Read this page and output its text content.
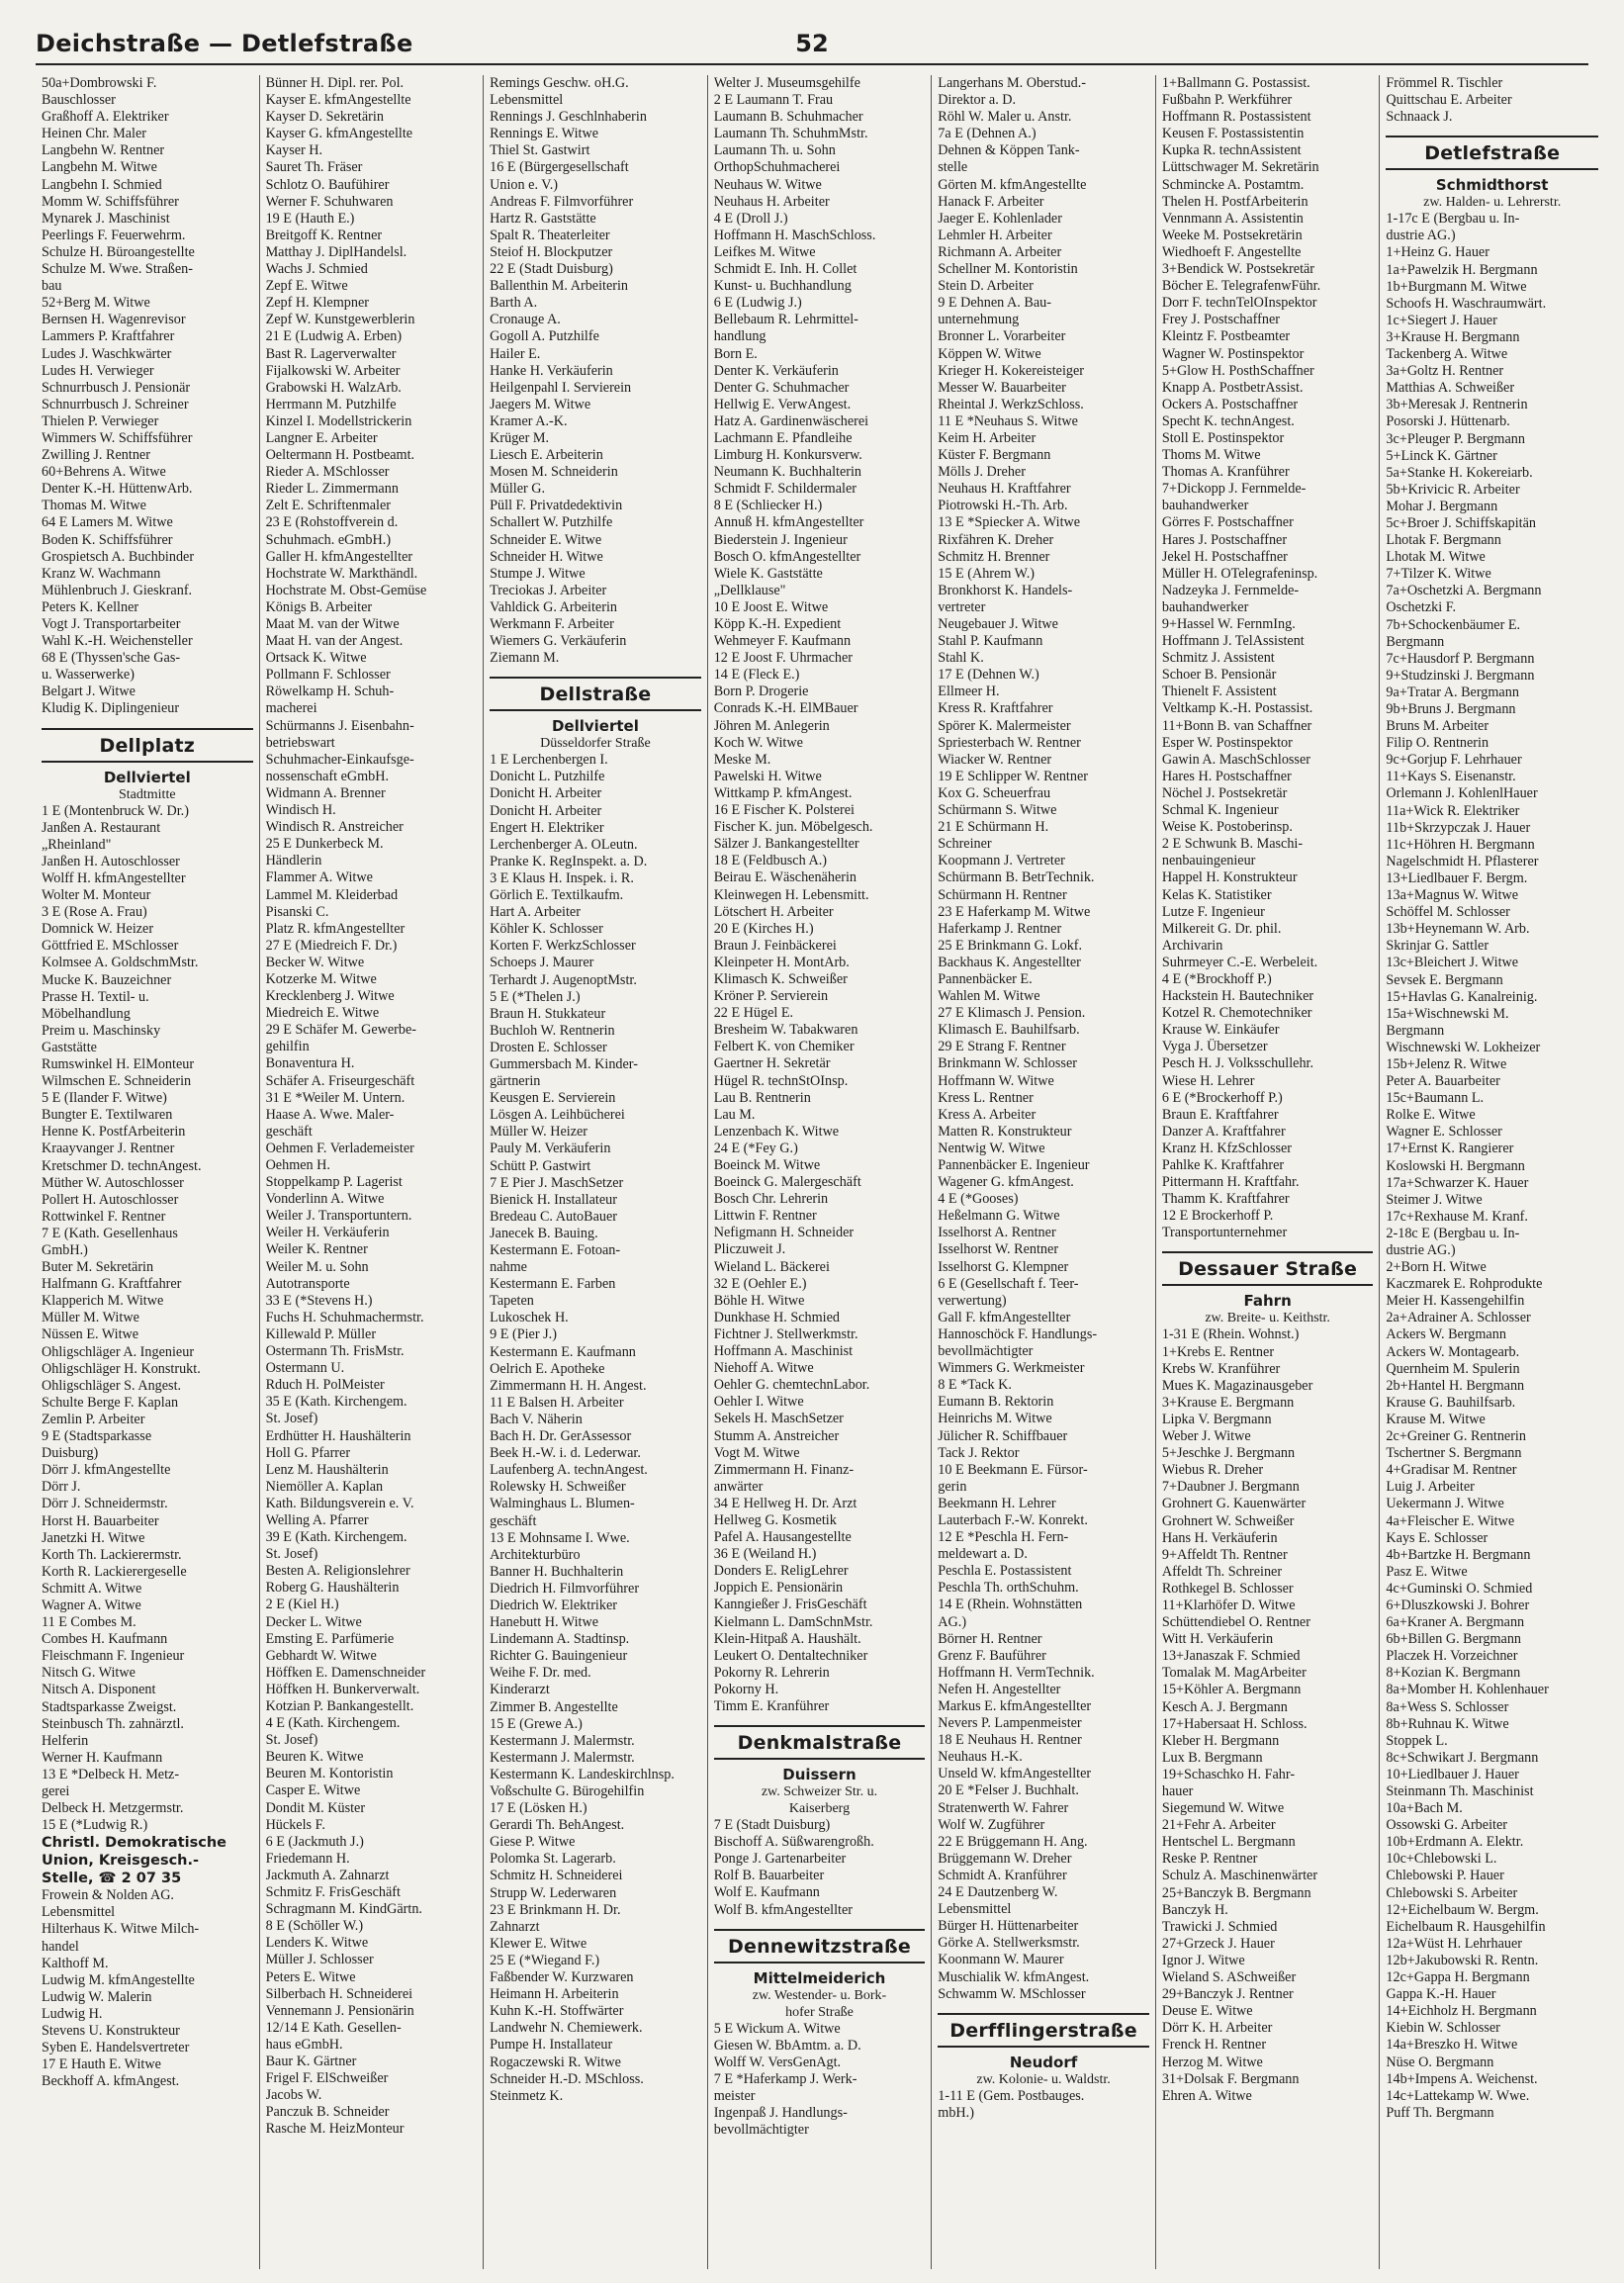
Deichstraße — Detlefstraße	52
50a+Dombrowski F.
Bauschlosser
Graßhoff A. Elektriker
Heinen Chr. Maler
Langbehn W. Rentner
Langbehn M. Witwe
Langbehn I. Schmied
Momm W. Schiffsführer
Mynarek J. Maschinist
Peerlings F. Feuerwehrm.
Schulze H. Büroangestellte
Schulze M. Wwe. Straßen-
bau
52+Berg M. Witwe
Bernsen H. Wagenrevisor
Lammers P. Kraftfahrer
Ludes J. Waschkwärter
Ludes H. Verwieger
Schnurrbusch J. Pensionär
Schnurrbusch J. Schreiner
Thielen P. Verwieger
Wimmers W. Schiffsführer
Zwilling J. Rentner
60+Behrens A. Witwe
Denter K.-H. HüttenwArb.
Thomas M. Witwe
64 E Lamers M. Witwe
Boden K. Schiffsführer
Grospietsch A. Buchbinder
Kranz W. Wachmann
Mühlenbruch J. Gieskranf.
Peters K. Kellner
Vogt J. Transportarbeiter
Wahl K.-H. Weichensteller
68 E (Thyssen'sche Gas-
u. Wasserwerke)
Belgart J. Witwe
Kludig K. Diplingenieur
Dellplatz
Dellviertel
Stadtmitte
1 E (Montenbruck W. Dr.)
Janßen A. Restaurant
„Rheinland"
Janßen H. Autoschlosser
Wolff H. kfmAngestellter
Wolter M. Monteur
3 E (Rose A. Frau)
Domnick W. Heizer
Göttfried E. MSchlosser
Kolmsee A. GoldschmMstr.
Mucke K. Bauzeichner
Prasse H. Textil- u.
Möbelhandlung
Preim u. Maschinsky
Gaststätte
Rumswinkel H. ElMonteur
Wilmschen E. Schneiderin
5 E (Ilander F. Witwe)
Bungter E. Textilwaren
Henne K. PostfArbeiterin
Kraayvanger J. Rentner
Kretschmer D. technAngest.
Müther W. Autoschlosser
Pollert H. Autoschlosser
Rottwinkel F. Rentner
7 E (Kath. Gesellenhaus
GmbH.)
Buter M. Sekretärin
Halfmann G. Kraftfahrer
Klapperich M. Witwe
Müller M. Witwe
Nüssen E. Witwe
Ohligschläger A. Ingenieur
Ohligschläger H. Konstrukt.
Ohligschläger S. Angest.
Schulte Berge F. Kaplan
Zemlin P. Arbeiter
9 E (Stadtsparkasse
Duisburg)
Dörr J. kfmAngestellte
Dörr J.
Dörr J. Schneidermstr.
Horst H. Bauarbeiter
Janetzki H. Witwe
Korth Th. Lackierermstr.
Korth R. Lackierergeselle
Schmitt A. Witwe
Wagner A. Witwe
11 E Combes M.
Combes H. Kaufmann
Fleischmann F. Ingenieur
Nitsch G. Witwe
Nitsch A. Disponent
Stadtsparkasse Zweigst.
Steinbusch Th. zahnärztl.
Helferin
Werner H. Kaufmann
13 E *Delbeck H. Metz-
gerei
Delbeck H. Metzgermstr.
15 E (*Ludwig R.)
Christl. Demokratische
Union, Kreisgesch.-
Stelle, ☎ 2 07 35
Frowein & Nolden AG.
Lebensmittel
Hilterhaus K. Witwe Milch-
handel
Kalthoff M.
Ludwig M. kfmAngestellte
Ludwig W. Malerin
Ludwig H.
Stevens U. Konstrukteur
Syben E. Handelsvertreter
17 E Hauth E. Witwe
Beckhoff A. kfmAngest.
Bünner H. Dipl. rer. Pol.
Kayser E. kfmAngestellte
Kayser D. Sekretärin
Kayser G. kfmAngestellte
Kayser H.
Sauret Th. Fräser
Schlotz O. Baufühirer
Werner F. Schuhwaren
19 E (Hauth E.)
Breitgoff K. Rentner
Matthay J. DiplHandelsl.
Wachs J. Schmied
Zepf E. Witwe
Zepf H. Klempner
Zepf W. Kunstgewerblerin
21 E (Ludwig A. Erben)
Bast R. Lagerverwalter
Fijalkowski W. Arbeiter
Grabowski H. WalzArb.
Herrmann M. Putzhilfe
Kinzel I. Modellstrickerin
Langner E. Arbeiter
Oeltermann H. Postbeamt.
Rieder A. MSchlosser
Rieder L. Zimmermann
Zelt E. Schriftenmaler
23 E (Rohstoffverein d.
Schuhmach. eGmbH.)
Galler H. kfmAngestellter
Hochstrate W. Markthändl.
Hochstrate M. Obst-Gemüse
Königs B. Arbeiter
Maat M. van der Witwe
Maat H. van der Angest.
Ortsack K. Witwe
Pollmann F. Schlosser
Röwelkamp H. Schuh-
macherei
Schürmanns J. Eisenbahn-
betriebswart
Schuhmacher-Einkaufsge-
nossenschaft eGmbH.
Widmann A. Brenner
Windisch H.
Windisch R. Anstreicher
25 E Dunkerbeck M.
Händlerin
Flammer A. Witwe
Lammel M. Kleiderbad
Pisanski C.
Platz R. kfmAngestellter
27 E (Miedreich F. Dr.)
Becker W. Witwe
Kotzerke M. Witwe
Krecklenberg J. Witwe
Miedreich E. Witwe
29 E Schäfer M. Gewerbe-
gehilfin
Bonaventura H.
Schäfer A. Friseurgeschäft
31 E *Weiler M. Untern.
Haase A. Wwe. Maler-
geschäft
Oehmen F. Verlademeister
Oehmen H.
Stoppelkamp P. Lagerist
Vonderlinn A. Witwe
Weiler J. Transportuntern.
Weiler H. Verkäuferin
Weiler K. Rentner
Weiler M. u. Sohn
Autotransporte
33 E (*Stevens H.)
Fuchs H. Schuhmachermstr.
Killewald P. Müller
Ostermann Th. FrisMstr.
Ostermann U.
Rduch H. PolMeister
35 E (Kath. Kirchengem.
St. Josef)
Erdhütter H. Haushälterin
Holl G. Pfarrer
Lenz M. Haushälterin
Niemöller A. Kaplan
Kath. Bildungsverein e. V.
Welling A. Pfarrer
39 E (Kath. Kirchengem.
St. Josef)
Besten A. Religionslehrer
Roberg G. Haushälterin
2 E (Kiel H.)
Decker L. Witwe
Emsting E. Parfümerie
Gebhardt W. Witwe
Höffken E. Damenschneider
Höffken H. Bunkerverwalt.
Kotzian P. Bankangestellt.
4 E (Kath. Kirchengem.
St. Josef)
Beuren K. Witwe
Beuren M. Kontoristin
Casper E. Witwe
Dondit M. Küster
Hückels F.
6 E (Jackmuth J.)
Friedemann H.
Jackmuth A. Zahnarzt
Schmitz F. FrisGeschäft
Schragmann M. KindGärtn.
8 E (Schöller W.)
Lenders K. Witwe
Müller J. Schlosser
Peters E. Witwe
Silberbach H. Schneiderei
Vennemann J. Pensionärin
12/14 E Kath. Gesellen-
haus eGmbH.
Baur K. Gärtner
Frigel F. ElSchweißer
Jacobs W.
Panczuk B. Schneider
Rasche M. HeizMonteur
Remings Geschw. oH.G.
Lebensmittel
Rennings J. Geschlnhaberin
Rennings E. Witwe
Thiel St. Gastwirt
16 E (Bürgergesellschaft
Union e. V.)
Andreas F. Filmvorführer
Hartz R. Gaststätte
Spalt R. Theaterleiter
Steiof H. Blockputzer
22 E (Stadt Duisburg)
Ballenthin M. Arbeiterin
Barth A.
Cronauge A.
Gogoll A. Putzhilfe
Hailer E.
Hanke H. Verkäuferin
Heilgenpahl I. Servierein
Jaegers M. Witwe
Kramer A.-K.
Krüger M.
Liesch E. Arbeiterin
Mosen M. Schneiderin
Müller G.
Püll F. Privatdedektivin
Schallert W. Putzhilfe
Schneider E. Witwe
Schneider H. Witwe
Stumpe J. Witwe
Treciokas J. Arbeiter
Vahldick G. Arbeiterin
Werkmann F. Arbeiter
Wiemers G. Verkäuferin
Ziemann M.
Dellstraße
Dellviertel
Düsseldorfer Straße
1 E Lerchenbergen I.
Donicht L. Putzhilfe
Donicht H. Arbeiter
Donicht H. Arbeiter
Engert H. Elektriker
Lerchenberger A. OLeutn.
Pranke K. RegInspekt. a. D.
3 E Klaus H. Inspek. i. R.
Görlich E. Textilkaufm.
Hart A. Arbeiter
Köhler K. Schlosser
Korten F. WerkzSchlosser
Schoeps J. Maurer
Terhardt J. AugenoptMstr.
5 E (*Thelen J.)
Braun H. Stukkateur
Buchloh W. Rentnerin
Drosten E. Schlosser
Gummersbach M. Kinder-
gärtnerin
Keusgen E. Servierein
Lösgen A. Leihbücherei
Müller W. Heizer
Pauly M. Verkäuferin
Schütt P. Gastwirt
7 E Pier J. MaschSetzer
Bienick H. Installateur
Bredeau C. AutoBauer
Janecek B. Bauing.
Kestermann E. Fotoan-
nahme
Kestermann E. Farben
Tapeten
Lukoschek H.
9 E (Pier J.)
Kestermann E. Kaufmann
Oelrich E. Apotheke
Zimmermann H. H. Angest.
11 E Balsen H. Arbeiter
Bach V. Näherin
Bach H. Dr. GerAssessor
Beek H.-W. i. d. Lederwar.
Laufenberg A. technAngest.
Rolewsky H. Schweißer
Walminghaus L. Blumen-
geschäft
13 E Mohnsame I. Wwe.
Architekturbüro
Banner H. Buchhalterin
Diedrich H. Filmvorführer
Diedrich W. Elektriker
Hanebutt H. Witwe
Lindemann A. Stadtinsp.
Richter G. Bauingenieur
Weihe F. Dr. med.
Kinderarzt
Zimmer B. Angestellte
15 E (Grewe A.)
Kestermann J. Malermstr.
Kestermann J. Malermstr.
Kestermann K. Landeskirchlnsp.
Voßschulte G. Bürogehilfin
17 E (Lösken H.)
Gerardi Th. BehAngest.
Giese P. Witwe
Polomka St. Lagerarb.
Schmitz H. Schneiderei
Strupp W. Lederwaren
23 E Brinkmann H. Dr.
Zahnarzt
Klewer E. Witwe
25 E (*Wiegand F.)
Faßbender W. Kurzwaren
Heimann H. Arbeiterin
Kuhn K.-H. Stoffwärter
Landwehr N. Chemiewerk.
Pumpe H. Installateur
Rogaczewski R. Witwe
Schneider H.-D. MSchloss.
Steinmetz K.
Welter J. Museumsgehilfe
2 E Laumann T. Frau
Laumann B. Schuhmacher
Laumann Th. SchuhmMstr.
Laumann Th. u. Sohn
OrthopSchuhmacherei
Neuhaus W. Witwe
Neuhaus H. Arbeiter
4 E (Droll J.)
Hoffmann H. MaschSchloss.
Leifkes M. Witwe
Schmidt E. Inh. H. Collet
Kunst- u. Buchhandlung
6 E (Ludwig J.)
Bellebaum R. Lehrmittel-
handlung
Born E.
Denter K. Verkäuferin
Denter G. Schuhmacher
Hellwig E. VerwAngest.
Hatz A. Gardinenwäscherei
Lachmann E. Pfandleihe
Limburg H. Konkursverw.
Neumann K. Buchhalterin
Schmidt F. Schildermaler
8 E (Schliecker H.)
Annuß H. kfmAngestellter
Biederstein J. Ingenieur
Bosch O. kfmAngestellter
Wiele K. Gaststätte
„Dellklause"
10 E Joost E. Witwe
Köpp K.-H. Expedient
Wehmeyer F. Kaufmann
12 E Joost F. Uhrmacher
14 E (Fleck E.)
Born P. Drogerie
Conrads K.-H. ElMBauer
Jöhren M. Anlegerin
Koch W. Witwe
Meske M.
Pawelski H. Witwe
Wittkamp P. kfmAngest.
16 E Fischer K. Polsterei
Fischer K. jun. Möbelgesch.
Sälzer J. Bankangestellter
18 E (Feldbusch A.)
Beirau E. Wäschenäherin
Kleinwegen H. Lebensmitt.
Lötschert H. Arbeiter
20 E (Kirches H.)
Braun J. Feinbäckerei
Kleinpeter H. MontArb.
Klimasch K. Schweißer
Kröner P. Servierein
22 E Hügel E.
Bresheim W. Tabakwaren
Felbert K. von Chemiker
Gaertner H. Sekretär
Hügel R. technStOInsp.
Lau B. Rentnerin
Lau M.
Lenzenbach K. Witwe
24 E (*Fey G.)
Boeinck M. Witwe
Boeinck G. Malergeschäft
Bosch Chr. Lehrerin
Littwin F. Rentner
Nefigmann H. Schneider
Pliczuweit J.
Wieland L. Bäckerei
32 E (Oehler E.)
Böhle H. Witwe
Dunkhase H. Schmied
Fichtner J. Stellwerkmstr.
Hoffmann A. Maschinist
Niehoff A. Witwe
Oehler G. chemtechnLabor.
Oehler I. Witwe
Sekels H. MaschSetzer
Stumm A. Anstreicher
Vogt M. Witwe
Zimmermann H. Finanz-
anwärter
34 E Hellweg H. Dr. Arzt
Hellweg G. Kosmetik
Pafel A. Hausangestellte
36 E (Weiland H.)
Donders E. ReligLehrer
Joppich E. Pensionärin
Kanngießer J. FrisGeschäft
Kielmann L. DamSchnMstr.
Klein-Hitpaß A. Haushält.
Leukert O. Dentaltechniker
Pokorny R. Lehrerin
Pokorny H.
Timm E. Kranführer
Denkmalstraße
Duissern
zw. Schweizer Str. u.
Kaiserberg
7 E (Stadt Duisburg)
Bischoff A. Süßwarengroßh.
Ponge J. Gartenarbeiter
Rolf B. Bauarbeiter
Wolf E. Kaufmann
Wolf B. kfmAngestellter
Dennewitzstraße
Mittelmeiderich
zw. Westender- u. Bork-
hofer Straße
5 E Wickum A. Witwe
Giesen W. BbAmtm. a. D.
Wolff W. VersGenAgt.
7 E *Haferkamp J. Werk-
meister
Ingenpaß J. Handlungs-
bevollmächtigter
Langerhans M. Oberstud.-
Direktor a. D.
Röhl W. Maler u. Anstr.
7a E (Dehnen A.)
Dehnen & Köppen Tank-
stelle
Görten M. kfmAngestellte
Hanack F. Arbeiter
Jaeger E. Kohlenlader
Lehmler H. Arbeiter
Richmann A. Arbeiter
Schellner M. Kontoristin
Stein D. Arbeiter
9 E Dehnen A. Bau-
unternehmung
Bronner L. Vorarbeiter
Köppen W. Witwe
Krieger H. Kokereisteiger
Messer W. Bauarbeiter
Rheintal J. WerkzSchloss.
11 E *Neuhaus S. Witwe
Keim H. Arbeiter
Küster F. Bergmann
Mölls J. Dreher
Neuhaus H. Kraftfahrer
Piotrowski H.-Th. Arb.
13 E *Spiecker A. Witwe
Rixfähren K. Dreher
Schmitz H. Brenner
15 E (Ahrem W.)
Bronkhorst K. Handels-
vertreter
Neugebauer J. Witwe
Stahl P. Kaufmann
Stahl K.
17 E (Dehnen W.)
Ellmeer H.
Kress R. Kraftfahrer
Spörer K. Malermeister
Spriesterbach W. Rentner
Wiacker W. Rentner
19 E Schlipper W. Rentner
Kox G. Scheuerfrau
Schürmann S. Witwe
21 E Schürmann H.
Schreiner
Koopmann J. Vertreter
Schürmann B. BetrTechnik.
Schürmann H. Rentner
23 E Haferkamp M. Witwe
Haferkamp J. Rentner
25 E Brinkmann G. Lokf.
Backhaus K. Angestellter
Pannenbäcker E.
Wahlen M. Witwe
27 E Klimasch J. Pension.
Klimasch E. Bauhilfsarb.
29 E Strang F. Rentner
Brinkmann W. Schlosser
Hoffmann W. Witwe
Kress L. Rentner
Kress A. Arbeiter
Matten R. Konstrukteur
Nentwig W. Witwe
Pannenbäcker E. Ingenieur
Wagener G. kfmAngest.
4 E (*Gooses)
Heßelmann G. Witwe
Isselhorst A. Rentner
Isselhorst W. Rentner
Isselhorst G. Klempner
6 E (Gesellschaft f. Teer-
verwertung)
Gall F. kfmAngestellter
Hannoschöck F. Handlungs-
bevollmächtigter
Wimmers G. Werkmeister
8 E *Tack K.
Eumann B. Rektorin
Heinrichs M. Witwe
Jülicher R. Schiffbauer
Tack J. Rektor
10 E Beekmann E. Fürsor-
gerin
Beekmann H. Lehrer
Lauterbach F.-W. Konrekt.
12 E *Peschla H. Fern-
meldewart a. D.
Peschla E. Postassistent
Peschla Th. orthSchuhm.
14 E (Rhein. Wohnstätten
AG.)
Börner H. Rentner
Grenz F. Bauführer
Hoffmann H. VermTechnik.
Nefen H. Angestellter
Markus E. kfmAngestellter
Nevers P. Lampenmeister
18 E Neuhaus H. Rentner
Neuhaus H.-K.
Unseld W. kfmAngestellter
20 E *Felser J. Buchhalt.
Stratenwerth W. Fahrer
Wolf W. Zugführer
22 E Brüggemann H. Ang.
Brüggemann W. Dreher
Schmidt A. Kranführer
24 E Dautzenberg W.
Lebensmittel
Bürger H. Hüttenarbeiter
Görke A. Stellwerksmstr.
Koonmann W. Maurer
Muschialik W. kfmAngest.
Schwamm W. MSchlosser
Derfflingerstraße
Neudorf
zw. Kolonie- u. Waldstr.
1-11 E (Gem. Postbauges.
mbH.)
1+Ballmann G. Postassist.
Fußbahn P. Werkführer
Hoffmann R. Postassistent
Keusen F. Postassistentin
Kupka R. technAssistent
Lüttschwager M. Sekretärin
Schmincke A. Postamtm.
Thelen H. PostfArbeiterin
Vennmann A. Assistentin
Weeke M. Postsekretärin
Wiedhoeft F. Angestellte
3+Bendick W. Postsekretär
Böcher E. TelegrafenwFühr.
Dorr F. technTelOInspektor
Frey J. Postschaffner
Kleintz F. Postbeamter
Wagner W. Postinspektor
5+Glow H. PosthSchaffner
Knapp A. PostbetrAssist.
Ockers A. Postschaffner
Specht K. technAngest.
Stoll E. Postinspektor
Thoms M. Witwe
Thomas A. Kranführer
7+Dickopp J. Fernmelde-
bauhandwerker
Görres F. Postschaffner
Hares J. Postschaffner
Jekel H. Postschaffner
Müller H. OTelegrafeninsp.
Nadzeyka J. Fernmelde-
bauhandwerker
9+Hassel W. FernmIng.
Hoffmann J. TelAssistent
Schmitz J. Assistent
Schoer B. Pensionär
Thienelt F. Assistent
Veltkamp K.-H. Postassist.
11+Bonn B. van Schaffner
Esper W. Postinspektor
Gawin A. MaschSchlosser
Hares H. Postschaffner
Nöchel J. Postsekretär
Schmal K. Ingenieur
Weise K. Postoberinsp.
2 E Schwunk B. Maschi-
nenbauingenieur
Happel H. Konstrukteur
Kelas K. Statistiker
Lutze F. Ingenieur
Milkereit G. Dr. phil.
Archivarin
Suhrmeyer C.-E. Werbeleit.
4 E (*Brockhoff P.)
Hackstein H. Bautechniker
Kotzel R. Chemotechniker
Krause W. Einkäufer
Vyga J. Übersetzer
Pesch H. J. Volksschullehr.
Wiese H. Lehrer
6 E (*Brockerhoff P.)
Braun E. Kraftfahrer
Danzer A. Kraftfahrer
Kranz H. KfzSchlosser
Pahlke K. Kraftfahrer
Pittermann H. Kraftfahr.
Thamm K. Kraftfahrer
12 E Brockerhoff P.
Transportunternehmer
Dessauer Straße
Fahrn
zw. Breite- u. Keithstr.
1-31 E (Rhein. Wohnst.)
1+Krebs E. Rentner
Krebs W. Kranführer
Mues K. Magazinausgeber
3+Krause E. Bergmann
Lipka V. Bergmann
Weber J. Witwe
5+Jeschke J. Bergmann
Wiebus R. Dreher
7+Daubner J. Bergmann
Grohnert G. Kauenwärter
Grohnert W. Schweißer
Hans H. Verkäuferin
9+Affeldt Th. Rentner
Affeldt Th. Schreiner
Rothkegel B. Schlosser
11+Klarhöfer D. Witwe
Schüttendiebel O. Rentner
Witt H. Verkäuferin
13+Janaszak F. Schmied
Tomalak M. MagArbeiter
15+Köhler A. Bergmann
Kesch A. J. Bergmann
17+Habersaat H. Schloss.
Kleber H. Bergmann
Lux B. Bergmann
19+Schaschko H. Fahr-
hauer
Siegemund W. Witwe
21+Fehr A. Arbeiter
Hentschel L. Bergmann
Reske P. Rentner
Schulz A. Maschinenwärter
25+Banczyk B. Bergmann
Banczyk H.
Trawicki J. Schmied
27+Grzeck J. Hauer
Ignor J. Witwe
Wieland S. ASchweißer
29+Banczyk J. Rentner
Deuse E. Witwe
Dörr K. H. Arbeiter
Frenck H. Rentner
Herzog M. Witwe
31+Dolsak F. Bergmann
Ehren A. Witwe
Frömmel R. Tischler
Quittschau E. Arbeiter
Schnaack J.
Detlefstraße
Schmidthorst
zw. Halden- u. Lehrerstr.
1-17c E (Bergbau u. In-
dustrie AG.)
1+Heinz G. Hauer
1a+Pawelzik H. Bergmann
1b+Burgmann M. Witwe
Schoofs H. Waschraumwärt.
1c+Siegert J. Hauer
3+Krause H. Bergmann
Tackenberg A. Witwe
3a+Goltz H. Rentner
Matthias A. Schweißer
3b+Meresak J. Rentnerin
Posorski J. Hüttenarb.
3c+Pleuger P. Bergmann
5+Linck K. Gärtner
5a+Stanke H. Kokereiarb.
5b+Krivicic R. Arbeiter
Mohar J. Bergmann
5c+Broer J. Schiffskapitän
Lhotak F. Bergmann
Lhotak M. Witwe
7+Tilzer K. Witwe
7a+Oschetzki A. Bergmann
Oschetzki F.
7b+Schockenbäumer E.
Bergmann
7c+Hausdorf P. Bergmann
9+Studzinski J. Bergmann
9a+Tratar A. Bergmann
9b+Bruns J. Bergmann
Bruns M. Arbeiter
Filip O. Rentnerin
9c+Gorjup F. Lehrhauer
11+Kays S. Eisenanstr.
Orlemann J. KohlenlHauer
11a+Wick R. Elektriker
11b+Skrzypczak J. Hauer
11c+Höhren H. Bergmann
Nagelschmidt H. Pflasterer
13+Liedlbauer F. Bergm.
13a+Magnus W. Witwe
Schöffel M. Schlosser
13b+Heynemann W. Arb.
Skrinjar G. Sattler
13c+Bleichert J. Witwe
Sevsek E. Bergmann
15+Havlas G. Kanalreinig.
15a+Wischnewski M.
Bergmann
Wischnewski W. Lokheizer
15b+Jelenz R. Witwe
Peter A. Bauarbeiter
15c+Baumann L.
Rolke E. Witwe
Wagner E. Schlosser
17+Ernst K. Rangierer
Koslowski H. Bergmann
17a+Schwarzer K. Hauer
Steimer J. Witwe
17c+Rexhause M. Kranf.
2-18c E (Bergbau u. In-
dustrie AG.)
2+Born H. Witwe
Kaczmarek E. Rohprodukte
Meier H. Kassengehilfin
2a+Adrainer A. Schlosser
Ackers W. Bergmann
Ackers W. Montagearb.
Quernheim M. Spulerin
2b+Hantel H. Bergmann
Krause G. Bauhilfsarb.
Krause M. Witwe
2c+Greiner G. Rentnerin
Tschertner S. Bergmann
4+Gradisar M. Rentner
Luig J. Arbeiter
Uekermann J. Witwe
4a+Fleischer E. Witwe
Kays E. Schlosser
4b+Bartzke H. Bergmann
Pasz E. Witwe
4c+Guminski O. Schmied
6+Dluszkowski J. Bohrer
6a+Kraner A. Bergmann
6b+Billen G. Bergmann
Placzek H. Vorzeichner
8+Kozian K. Bergmann
8a+Momber H. Kohlenhauer
8a+Wess S. Schlosser
8b+Ruhnau K. Witwe
Stoppek L.
8c+Schwikart J. Bergmann
10+Liedlbauer J. Hauer
Steinmann Th. Maschinist
10a+Bach M.
Ossowski G. Arbeiter
10b+Erdmann A. Elektr.
10c+Chlebowski L.
Chlebowski P. Hauer
Chlebowski S. Arbeiter
12+Eichelbaum W. Bergm.
Eichelbaum R. Hausgehilfin
12a+Wüst H. Lehrhauer
12b+Jakubowski R. Rentn.
12c+Gappa H. Bergmann
Gappa K.-H. Hauer
14+Eichholz H. Bergmann
Kiebin W. Schlosser
14a+Breszko H. Witwe
Nüse O. Bergmann
14b+Impens A. Weichenst.
14c+Lattekamp W. Wwe.
Puff Th. Bergmann
